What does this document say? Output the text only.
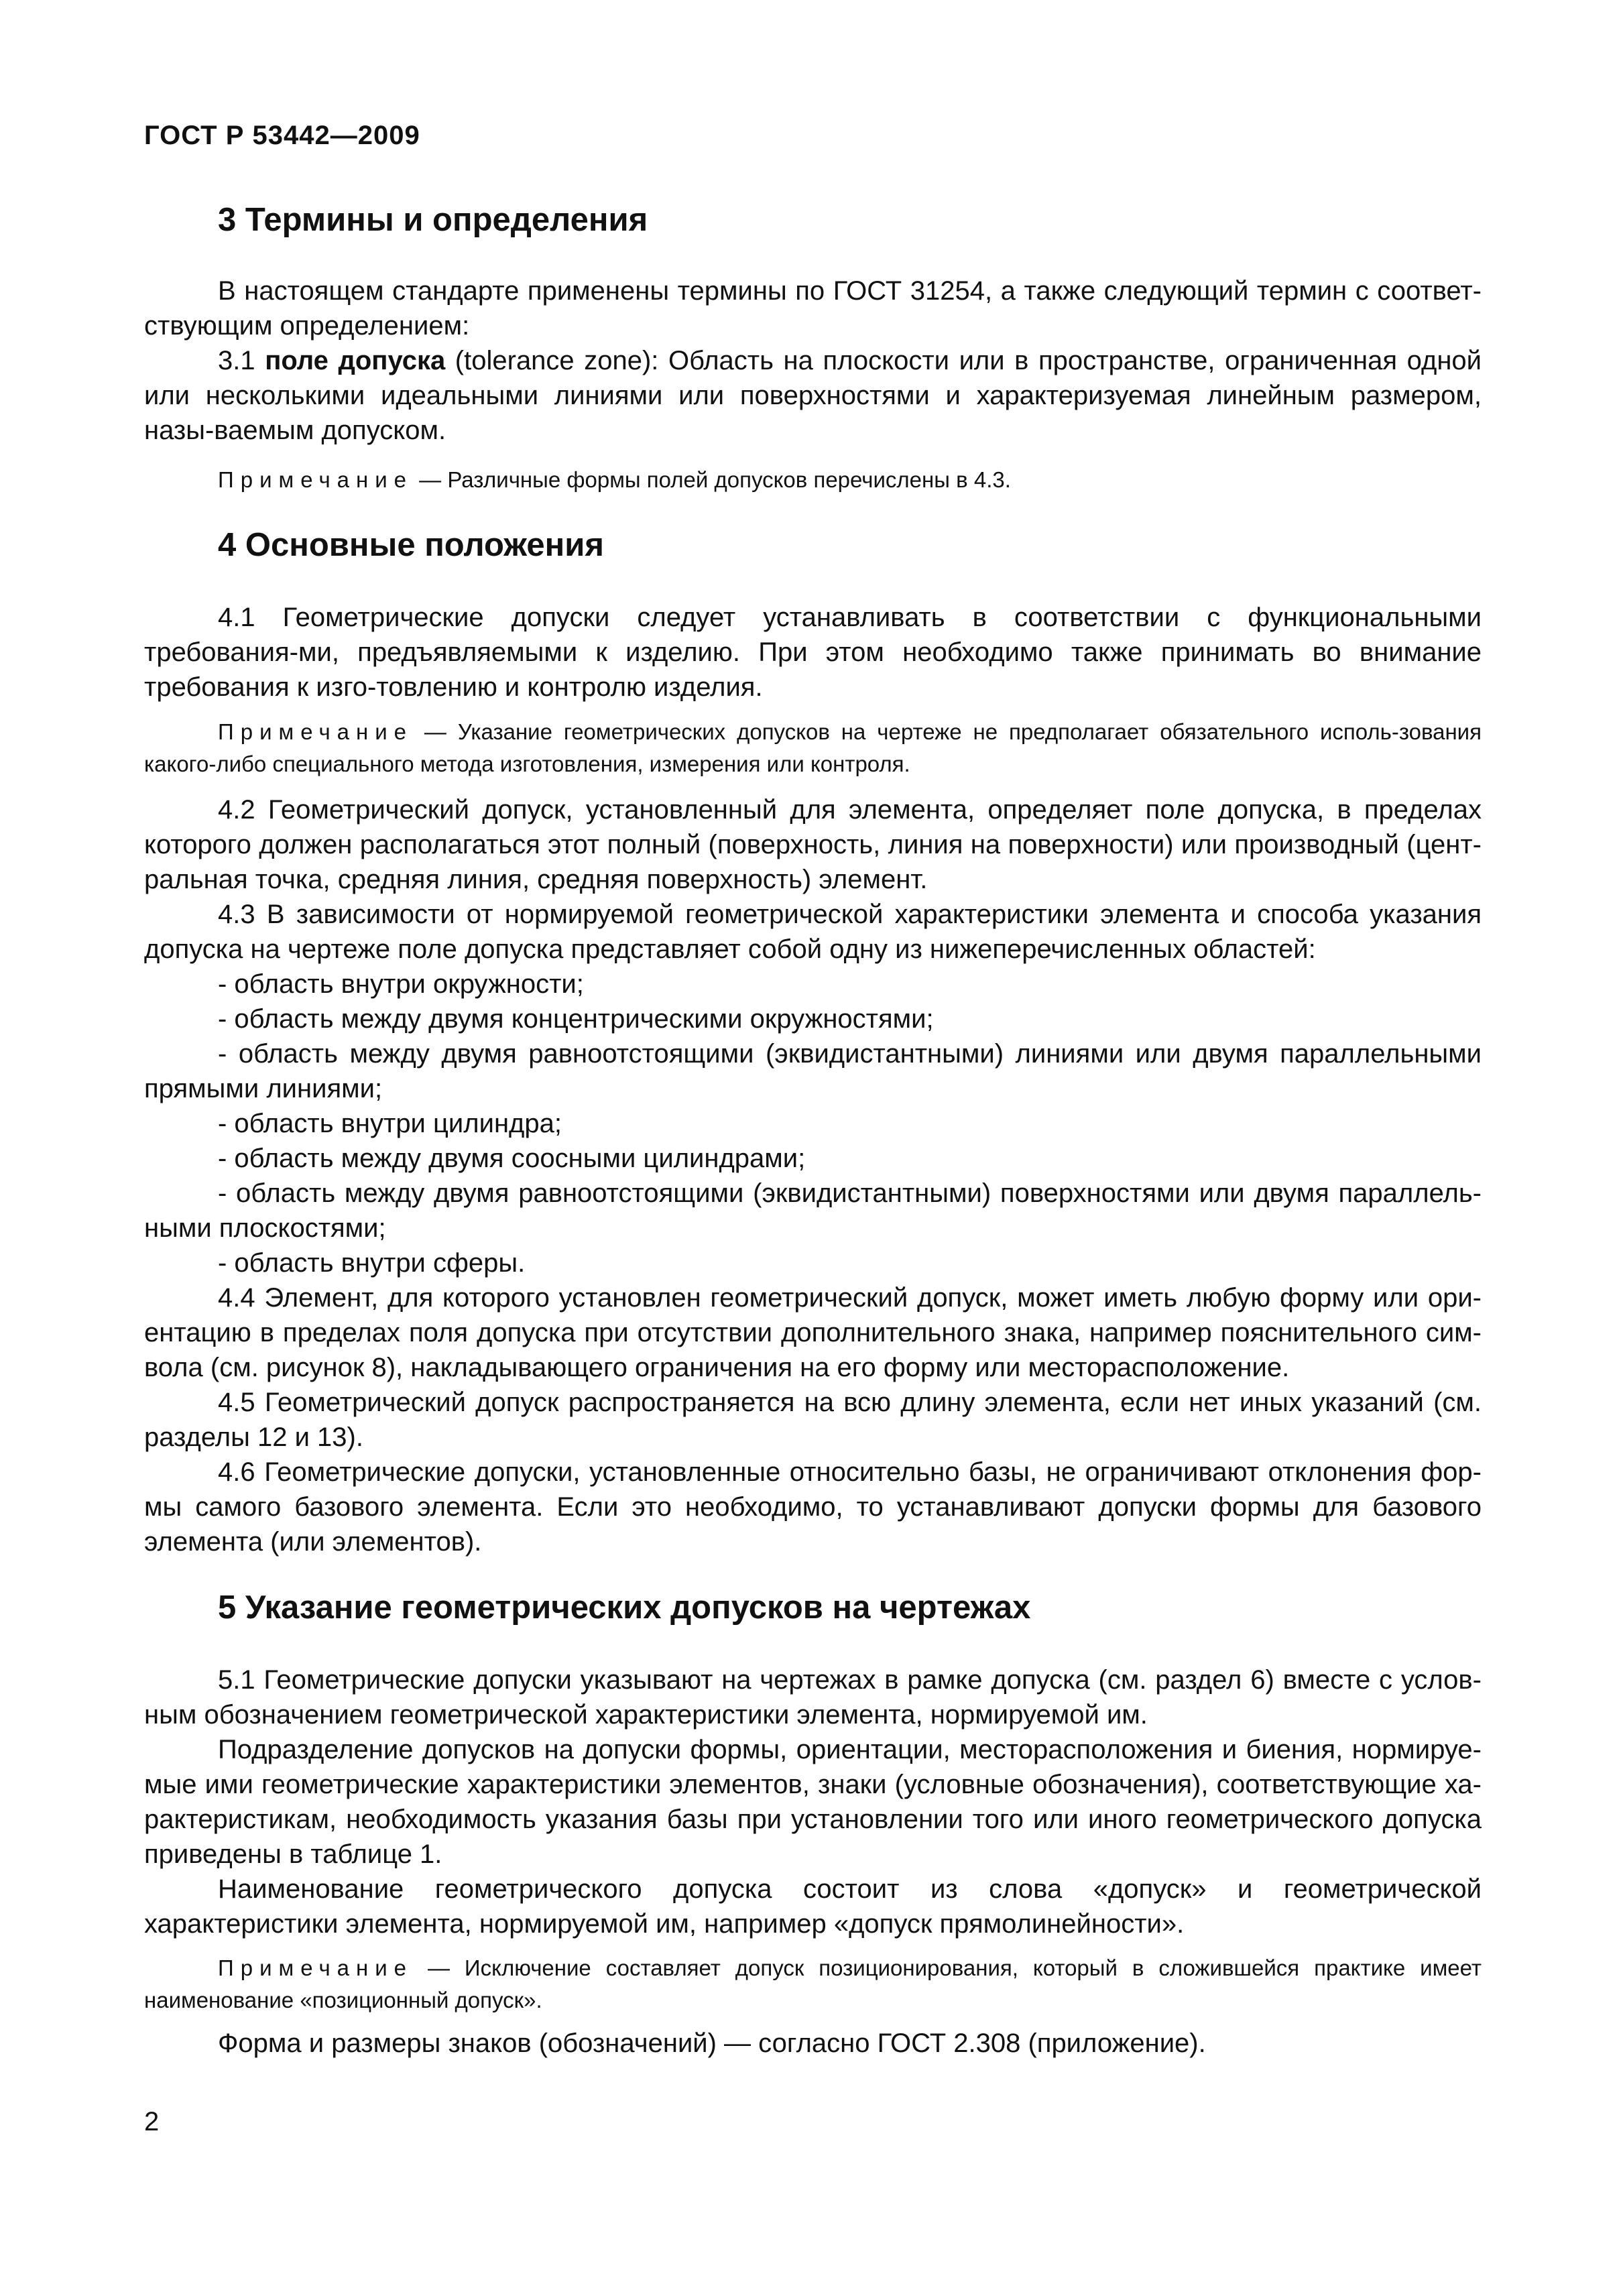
ГОСТ Р 53442—2009
3 Термины и определения

В настоящем стандарте применены термины по ГОСТ 31254, а также следующий термин с соответ-ствующим определением:

3.1 поле допуска (tolerance zone): Область на плоскости или в пространстве, ограниченная одной или несколькими идеальными линиями или поверхностями и характеризуемая линейным размером, назы-ваемым допуском.

Примечание — Различные формы полей допусков перечислены в 4.3.

4 Основные положения

4.1 Геометрические допуски следует устанавливать в соответствии с функциональными требования-ми, предъявляемыми к изделию. При этом необходимо также принимать во внимание требования к изго-товлению и контролю изделия.

Примечание — Указание геометрических допусков на чертеже не предполагает обязательного исполь-зования какого-либо специального метода изготовления, измерения или контроля.

4.2 Геометрический допуск, установленный для элемента, определяет поле допуска, в пределах которого должен располагаться этот полный (поверхность, линия на поверхности) или производный (цент-ральная точка, средняя линия, средняя поверхность) элемент.

4.3 В зависимости от нормируемой геометрической характеристики элемента и способа указания допуска на чертеже поле допуска представляет собой одну из нижеперечисленных областей:

- область внутри окружности;
- область между двумя концентрическими окружностями;
- область между двумя равноотстоящими (эквидистантными) линиями или двумя параллельными прямыми линиями;
- область внутри цилиндра;
- область между двумя соосными цилиндрами;
- область между двумя равноотстоящими (эквидистантными) поверхностями или двумя параллель-ными плоскостями;
- область внутри сферы.

4.4 Элемент, для которого установлен геометрический допуск, может иметь любую форму или ори-ентацию в пределах поля допуска при отсутствии дополнительного знака, например пояснительного сим-вола (см. рисунок 8), накладывающего ограничения на его форму или месторасположение.

4.5 Геометрический допуск распространяется на всю длину элемента, если нет иных указаний (см. разделы 12 и 13).

4.6 Геометрические допуски, установленные относительно базы, не ограничивают отклонения фор-мы самого базового элемента. Если это необходимо, то устанавливают допуски формы для базового элемента (или элементов).

5 Указание геометрических допусков на чертежах

5.1 Геометрические допуски указывают на чертежах в рамке допуска (см. раздел 6) вместе с услов-ным обозначением геометрической характеристики элемента, нормируемой им.

Подразделение допусков на допуски формы, ориентации, месторасположения и биения, нормируе-мые ими геометрические характеристики элементов, знаки (условные обозначения), соответствующие ха-рактеристикам, необходимость указания базы при установлении того или иного геометрического допуска приведены в таблице 1.

Наименование геометрического допуска состоит из слова «допуск» и геометрической характеристики элемента, нормируемой им, например «допуск прямолинейности».

Примечание — Исключение составляет допуск позиционирования, который в сложившейся практике имеет наименование «позиционный допуск».

Форма и размеры знаков (обозначений) — согласно ГОСТ 2.308 (приложение).

2
